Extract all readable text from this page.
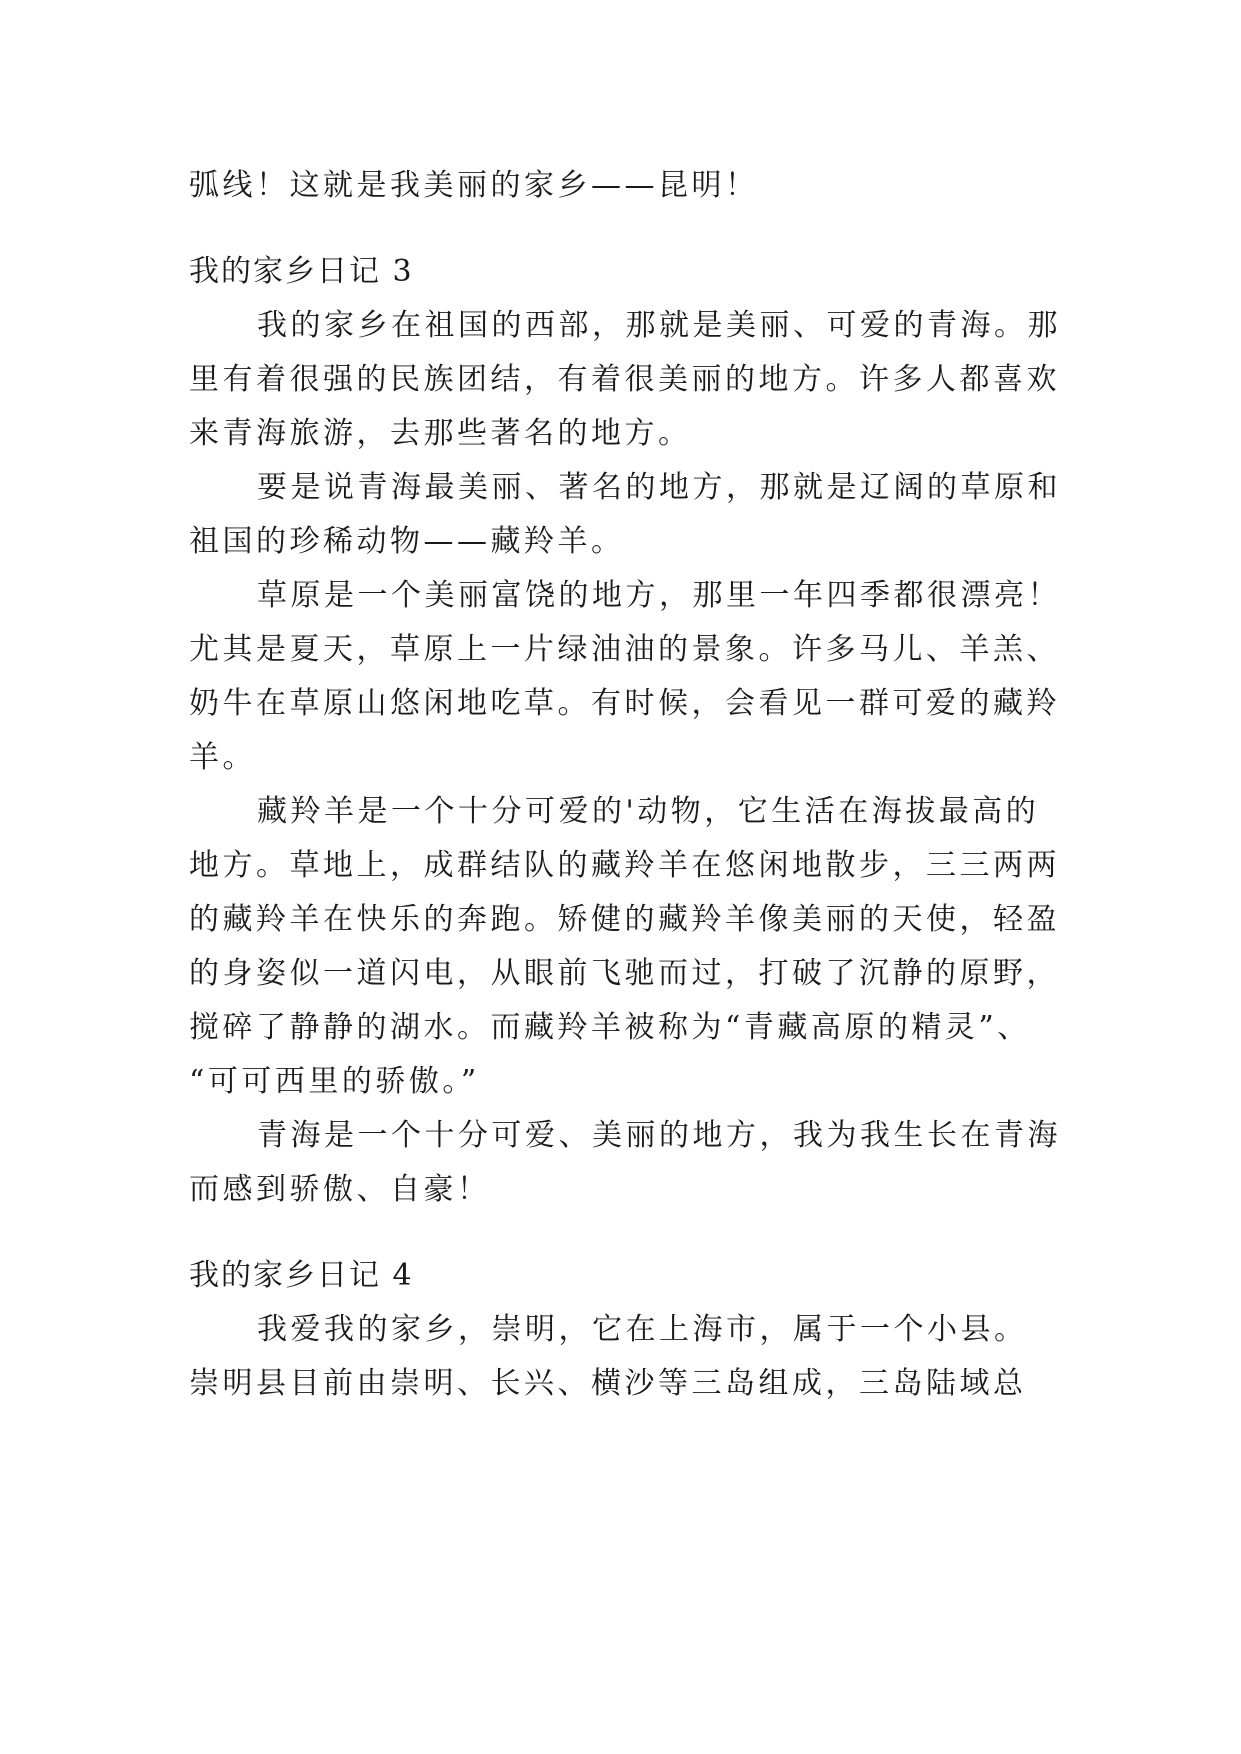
弧线！这就是我美丽的家乡——昆明！
我的家乡日记 3
我的家乡在祖国的西部，那就是美丽、可爱的青海。那
里有着很强的民族团结，有着很美丽的地方。许多人都喜欢
来青海旅游，去那些著名的地方。
要是说青海最美丽、著名的地方，那就是辽阔的草原和
祖国的珍稀动物——藏羚羊。
草原是一个美丽富饶的地方，那里一年四季都很漂亮！
尤其是夏天，草原上一片绿油油的景象。许多马儿、羊羔、
奶牛在草原山悠闲地吃草。有时候，会看见一群可爱的藏羚
羊。
藏羚羊是一个十分可爱的'动物，它生活在海拔最高的
地方。草地上，成群结队的藏羚羊在悠闲地散步，三三两两
的藏羚羊在快乐的奔跑。矫健的藏羚羊像美丽的天使，轻盈
的身姿似一道闪电，从眼前飞驰而过，打破了沉静的原野，
搅碎了静静的湖水。而藏羚羊被称为“青藏高原的精灵”、
“可可西里的骄傲。”
青海是一个十分可爱、美丽的地方，我为我生长在青海
而感到骄傲、自豪！
我的家乡日记 4
我爱我的家乡，崇明，它在上海市，属于一个小县。
崇明县目前由崇明、长兴、横沙等三岛组成，三岛陆域总
